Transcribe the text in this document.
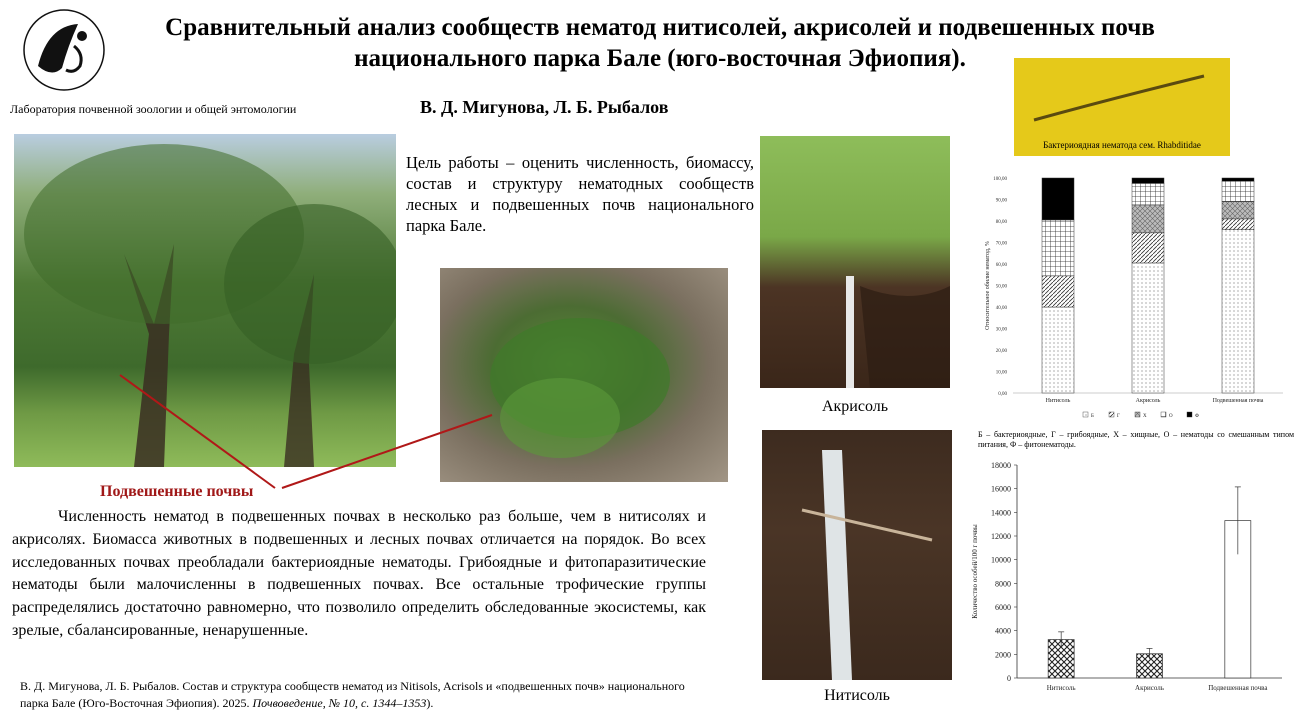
Сравнительный анализ сообществ нематод нитисолей, акрисолей и подвешенных почв
национального парка Бале (юго-восточная Эфиопия).
Лаборатория почвенной зоологии и общей энтомологии	В. Д. Мигунова, Л. Б. Рыбалов
Акрисоль
Нитисоль
Бактериоядная нематода сем. Rhabditidae
Цель работы – оценить численность, биомассу, состав и структуру нематодных сообществ лесных и подвешенных почв национального парка Бале.
Подвешенные почвы
Численность нематод в подвешенных почвах в несколько раз больше, чем в нитисолях и акрисолях. Биомасса животных в подвешенных и лесных почвах отличается на порядок. Во всех исследованных почвах преобладали бактериоядные нематоды. Грибоядные и фитопаразитические нематоды были малочисленны в подвешенных почвах. Все остальные трофические группы распределялись достаточно равномерно, что позволило определить обследованные экосистемы, как зрелые, сбалансированные, ненарушенные.
В. Д. Мигунова, Л. Б. Рыбалов. Состав и структура сообществ нематод из Nitisols, Acrisols и «подвешенных почв» национального парка Бале (Юго-Восточная Эфиопия). 2025. Почвоведение, № 10, с. 1344–1353).
0,00
10,00
20,00
30,00
40,00
50,00
60,00
70,00
80,00
90,00
100,00
Относительное обилие нематод, %
Нитисоль	Акрисоль	Подвешенная почва
Б	Г	Х	О	Ф
Б – бактериоядные, Г – грибоядные, Х – хищные, О – нематоды со смешанным типом питания, Ф – фитонематоды.
0
2000
4000
6000
8000
10000
12000
14000
16000
18000
Количество особей/100 г почвы
Нитисоль	Акрисоль	Подвешенная почва
